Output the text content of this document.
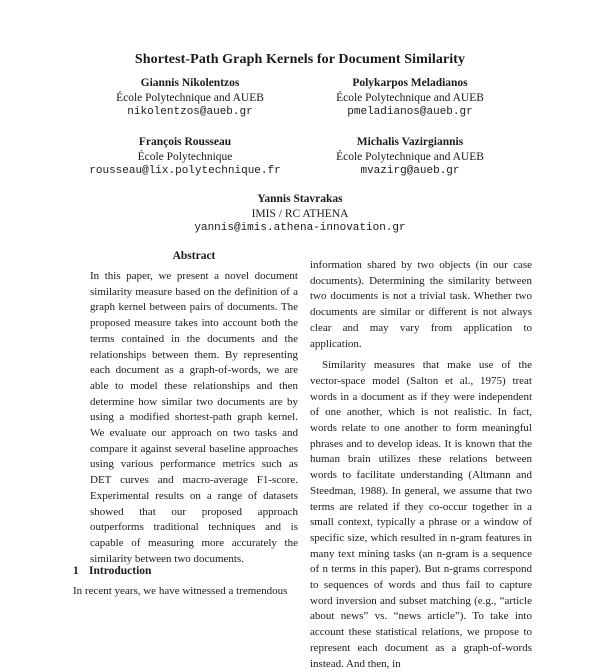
Shortest-Path Graph Kernels for Document Similarity
Giannis Nikolentzos
École Polytechnique and AUEB
nikolentzos@aueb.gr
Polykarpos Meladianos
École Polytechnique and AUEB
pmeladianos@aueb.gr
François Rousseau
École Polytechnique
rousseau@lix.polytechnique.fr
Michalis Vazirgiannis
École Polytechnique and AUEB
mvazirg@aueb.gr
Yannis Stavrakas
IMIS / RC ATHENA
yannis@imis.athena-innovation.gr
Abstract
In this paper, we present a novel document similarity measure based on the definition of a graph kernel between pairs of documents. The proposed measure takes into account both the terms contained in the documents and the relationships between them. By representing each document as a graph-of-words, we are able to model these relationships and then determine how similar two documents are by using a modified shortest-path graph kernel. We evaluate our approach on two tasks and compare it against several baseline approaches using various performance metrics such as DET curves and macro-average F1-score. Experimental results on a range of datasets showed that our proposed approach outperforms traditional techniques and is capable of measuring more accurately the similarity between two documents.
1 Introduction
In recent years, we have witnessed a tremendous

information shared by two objects (in our case documents). Determining the similarity between two documents is not a trivial task. Whether two documents are similar or different is not always clear and may vary from application to application.

Similarity measures that make use of the vector-space model (Salton et al., 1975) treat words in a document as if they were independent of one another, which is not realistic. In fact, words relate to one another to form meaningful phrases and to develop ideas. It is known that the human brain utilizes these relations between words to facilitate understanding (Altmann and Steedman, 1988). In general, we assume that two terms are related if they co-occur together in a small context, typically a phrase or a window of specific size, which resulted in n-gram features in many text mining tasks (an n-gram is a sequence of n terms in this paper). But n-grams correspond to sequences of words and thus fail to capture word inversion and subset matching (e.g., “article about news” vs. “news article”). To take into account these statistical relations, we propose to represent each document as a graph-of-words instead. And then, in
